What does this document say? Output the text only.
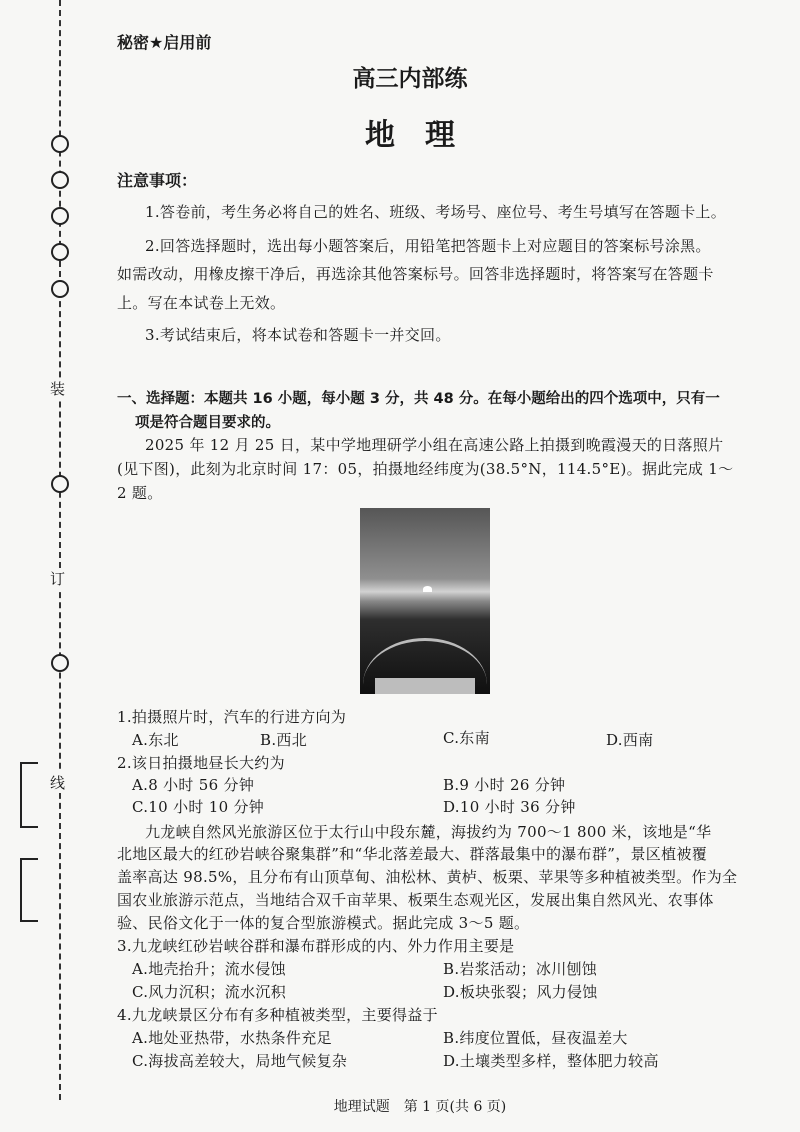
装
订
线
秘密★启用前
高三内部练
地　理
注意事项：
1.答卷前，考生务必将自己的姓名、班级、考场号、座位号、考生号填写在答题卡上。
2.回答选择题时，选出每小题答案后，用铅笔把答题卡上对应题目的答案标号涂黑。
如需改动，用橡皮擦干净后，再选涂其他答案标号。回答非选择题时，将答案写在答题卡
上。写在本试卷上无效。
3.考试结束后，将本试卷和答题卡一并交回。
一、选择题：本题共 16 小题，每小题 3 分，共 48 分。在每小题给出的四个选项中，只有一
项是符合题目要求的。
2025 年 12 月 25 日，某中学地理研学小组在高速公路上拍摄到晚霞漫天的日落照片
(见下图)，此刻为北京时间 17：05，拍摄地经纬度为(38.5°N，114.5°E)。据此完成 1～
2 题。
1.拍摄照片时，汽车的行进方向为
A.东北	B.西北	C.东南	D.西南
2.该日拍摄地昼长大约为
A.8 小时 56 分钟	B.9 小时 26 分钟
C.10 小时 10 分钟	D.10 小时 36 分钟
九龙峡自然风光旅游区位于太行山中段东麓，海拔约为 700～1 800 米，该地是“华
北地区最大的红砂岩峡谷聚集群”和“华北落差最大、群落最集中的瀑布群”，景区植被覆
盖率高达 98.5%，且分布有山顶草甸、油松林、黄栌、板栗、苹果等多种植被类型。作为全
国农业旅游示范点，当地结合双千亩苹果、板栗生态观光区，发展出集自然风光、农事体
验、民俗文化于一体的复合型旅游模式。据此完成 3～5 题。
3.九龙峡红砂岩峡谷群和瀑布群形成的内、外力作用主要是
A.地壳抬升；流水侵蚀	B.岩浆活动；冰川刨蚀
C.风力沉积；流水沉积	D.板块张裂；风力侵蚀
4.九龙峡景区分布有多种植被类型，主要得益于
A.地处亚热带，水热条件充足	B.纬度位置低，昼夜温差大
C.海拔高差较大，局地气候复杂	D.土壤类型多样，整体肥力较高
地理试题　第 1 页(共 6 页)
